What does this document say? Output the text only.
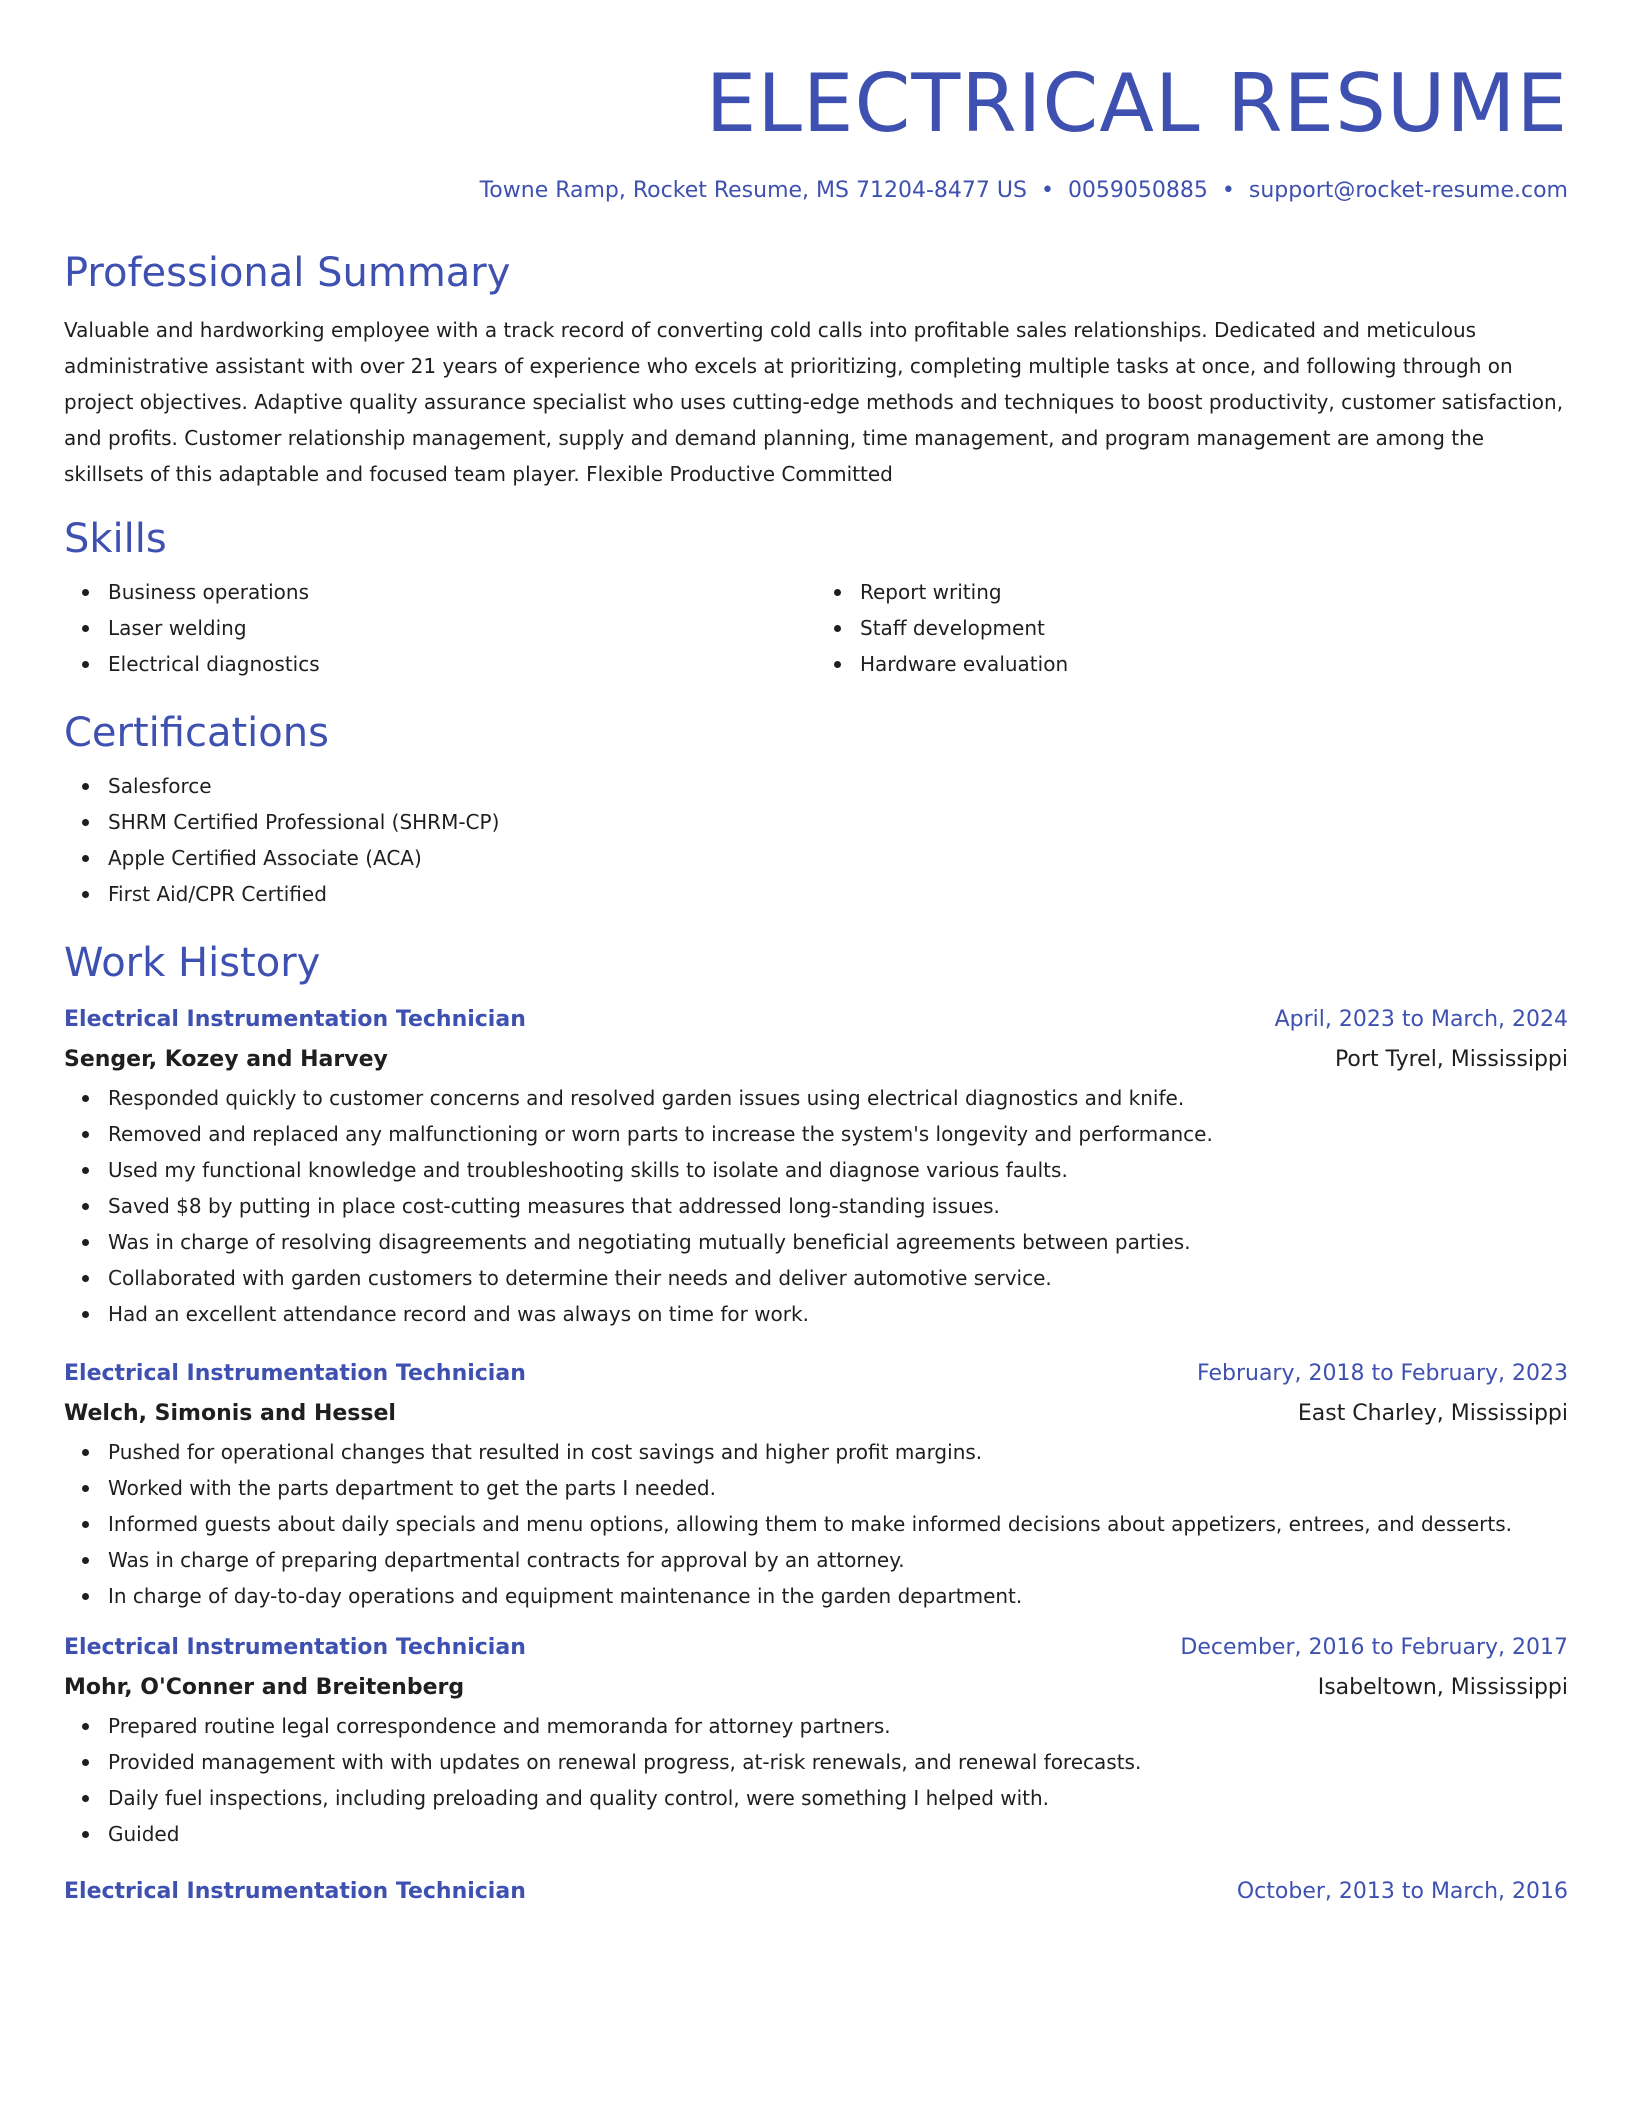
ELECTRICAL RESUME
Towne Ramp, Rocket Resume, MS 71204-8477 US • 0059050885 • support@rocket-resume.com
Professional Summary

Valuable and hardworking employee with a track record of converting cold calls into profitable sales relationships. Dedicated and meticulous administrative assistant with over 21 years of experience who excels at prioritizing, completing multiple tasks at once, and following through on project objectives. Adaptive quality assurance specialist who uses cutting-edge methods and techniques to boost productivity, customer satisfaction, and profits. Customer relationship management, supply and demand planning, time management, and program management are among the skillsets of this adaptable and focused team player. Flexible Productive Committed

Skills
Business operations
Laser welding
Electrical diagnostics
Report writing
Staff development
Hardware evaluation
Certifications
Salesforce
SHRM Certified Professional (SHRM-CP)
Apple Certified Associate (ACA)
First Aid/CPR Certified
Work History
Electrical Instrumentation Technician	April, 2023 to March, 2024
Senger, Kozey and Harvey	Port Tyrel, Mississippi
Responded quickly to customer concerns and resolved garden issues using electrical diagnostics and knife.
Removed and replaced any malfunctioning or worn parts to increase the system's longevity and performance.
Used my functional knowledge and troubleshooting skills to isolate and diagnose various faults.
Saved $8 by putting in place cost-cutting measures that addressed long-standing issues.
Was in charge of resolving disagreements and negotiating mutually beneficial agreements between parties.
Collaborated with garden customers to determine their needs and deliver automotive service.
Had an excellent attendance record and was always on time for work.
Electrical Instrumentation Technician	February, 2018 to February, 2023
Welch, Simonis and Hessel	East Charley, Mississippi
Pushed for operational changes that resulted in cost savings and higher profit margins.
Worked with the parts department to get the parts I needed.
Informed guests about daily specials and menu options, allowing them to make informed decisions about appetizers, entrees, and desserts.
Was in charge of preparing departmental contracts for approval by an attorney.
In charge of day-to-day operations and equipment maintenance in the garden department.
Electrical Instrumentation Technician	December, 2016 to February, 2017
Mohr, O'Conner and Breitenberg	Isabeltown, Mississippi
Prepared routine legal correspondence and memoranda for attorney partners.
Provided management with with updates on renewal progress, at-risk renewals, and renewal forecasts.
Daily fuel inspections, including preloading and quality control, were something I helped with.
Guided
Electrical Instrumentation Technician	October, 2013 to March, 2016
